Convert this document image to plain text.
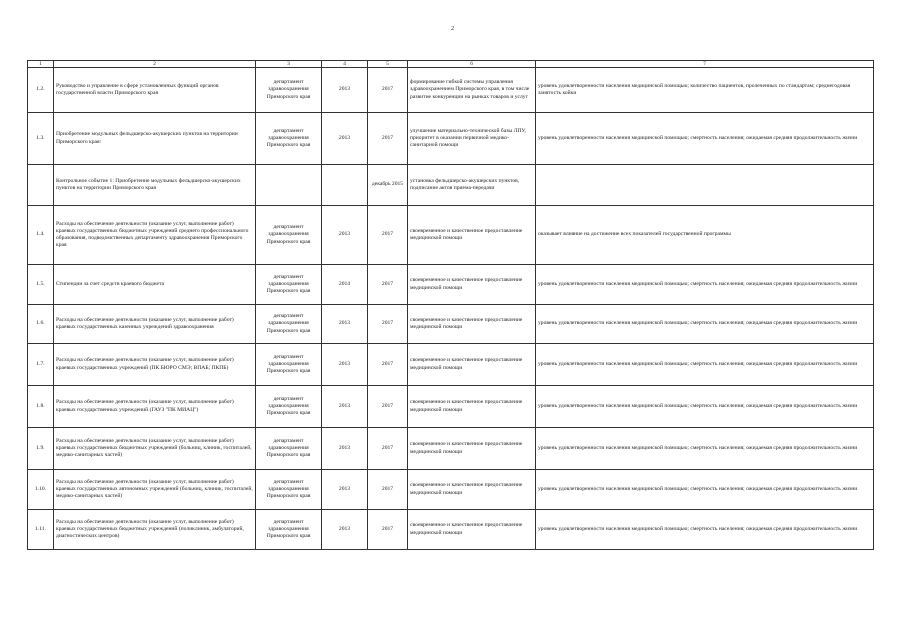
2
1	2	3	4	5	6	7
1.2.	Руководство и управление в сфере установленных функций органов государственной власти Приморского края	департамент здравоохранения Приморского края	2013	2017	формирование гибкой системы управления здравоохранением Приморского края, в том числе развитие конкуренции на рынках товаров и услуг	уровень удовлетворенности населения медицинской помощью; количество пациентов, пролеченных по стандартам; среднегодовая занятость койки
1.3.	Приобретение модульных фельдшерско-акушерских пунктов на территории Приморского края:	департамент здравоохранения Приморского края	2013	2017	улучшение материально-технической базы ЛПУ, приоритет в оказании первичной медико-санитарной помощи	уровень удовлетворенности населения медицинской помощью; смертность населения; ожидаемая средняя продолжительность жизни
	Контрольное событие 1: Приобретение модульных фельдшерско-акушерских пунктов на территории Приморского края			декабрь 2015	установка фельдшерско-акушерских пунктов, подписание актов приема-передачи	
1.4.	Расходы на обеспечение деятельности (оказание услуг, выполнение работ) краевых государственных бюджетных учреждений среднего профессионального образования, подведомственных департаменту здравоохранения Приморского края	департамент здравоохранения Приморского края	2013	2017	своевременное и качественное предоставление медицинской помощи	оказывает влияние на достижение всех показателей государственной программы
1.5.	Стипендии за счет средств краевого бюджета	департамент здравоохранения Приморского края	2014	2017	своевременное и качественное предоставление медицинской помощи	уровень удовлетворенности населения медицинской помощью; смертность населения; ожидаемая средняя продолжительность жизни
1.6.	Расходы на обеспечение деятельности (оказание услуг, выполнение работ) краевых государственных казенных учреждений здравоохранения	департамент здравоохранения Приморского края	2013	2017	своевременное и качественное предоставление медицинской помощи	уровень удовлетворенности населения медицинской помощью; смертность населения; ожидаемая средняя продолжительность жизни
1.7.	Расходы на обеспечение деятельности (оказание услуг, выполнение работ) краевых государственных учреждений (ПК БЮРО СМЭ; ВПАБ; ПКПБ)	департамент здравоохранения Приморского края	2013	2017	своевременное и качественное предоставление медицинской помощи	уровень удовлетворенности населения медицинской помощью; смертность населения; ожидаемая средняя продолжительность жизни
1.8.	Расходы на обеспечение деятельности (оказание услуг, выполнение работ) краевых государственных учреждений (ГАУЗ "ПК МИАЦ")	департамент здравоохранения Приморского края	2013	2017	своевременное и качественное предоставление медицинской помощи	уровень удовлетворенности населения медицинской помощью; смертность населения; ожидаемая средняя продолжительность жизни
1.9.	Расходы на обеспечение деятельности (оказание услуг, выполнение работ) краевых государственных бюджетных учреждений (больниц, клиник, госпиталей, медико-санитарных частей)	департамент здравоохранения Приморского края	2013	2017	своевременное и качественное предоставление медицинской помощи	уровень удовлетворенности населения медицинской помощью; смертность населения; ожидаемая средняя продолжительность жизни
1.10.	Расходы на обеспечение деятельности (оказание услуг, выполнение работ) краевых государственных автономных учреждений (больниц, клиник, госпиталей, медико-санитарных частей)	департамент здравоохранения Приморского края	2013	2017	своевременное и качественное предоставление медицинской помощи	уровень удовлетворенности населения медицинской помощью; смертность населения; ожидаемая средняя продолжительность жизни
1.11.	Расходы на обеспечение деятельности (оказание услуг, выполнение работ) краевых государственных бюджетных учреждений (поликлиник, амбулаторий, диагностических центров)	департамент здравоохранения Приморского края	2013	2017	своевременное и качественное предоставление медицинской помощи	уровень удовлетворенности населения медицинской помощью; смертность населения; ожидаемая средняя продолжительность жизни
